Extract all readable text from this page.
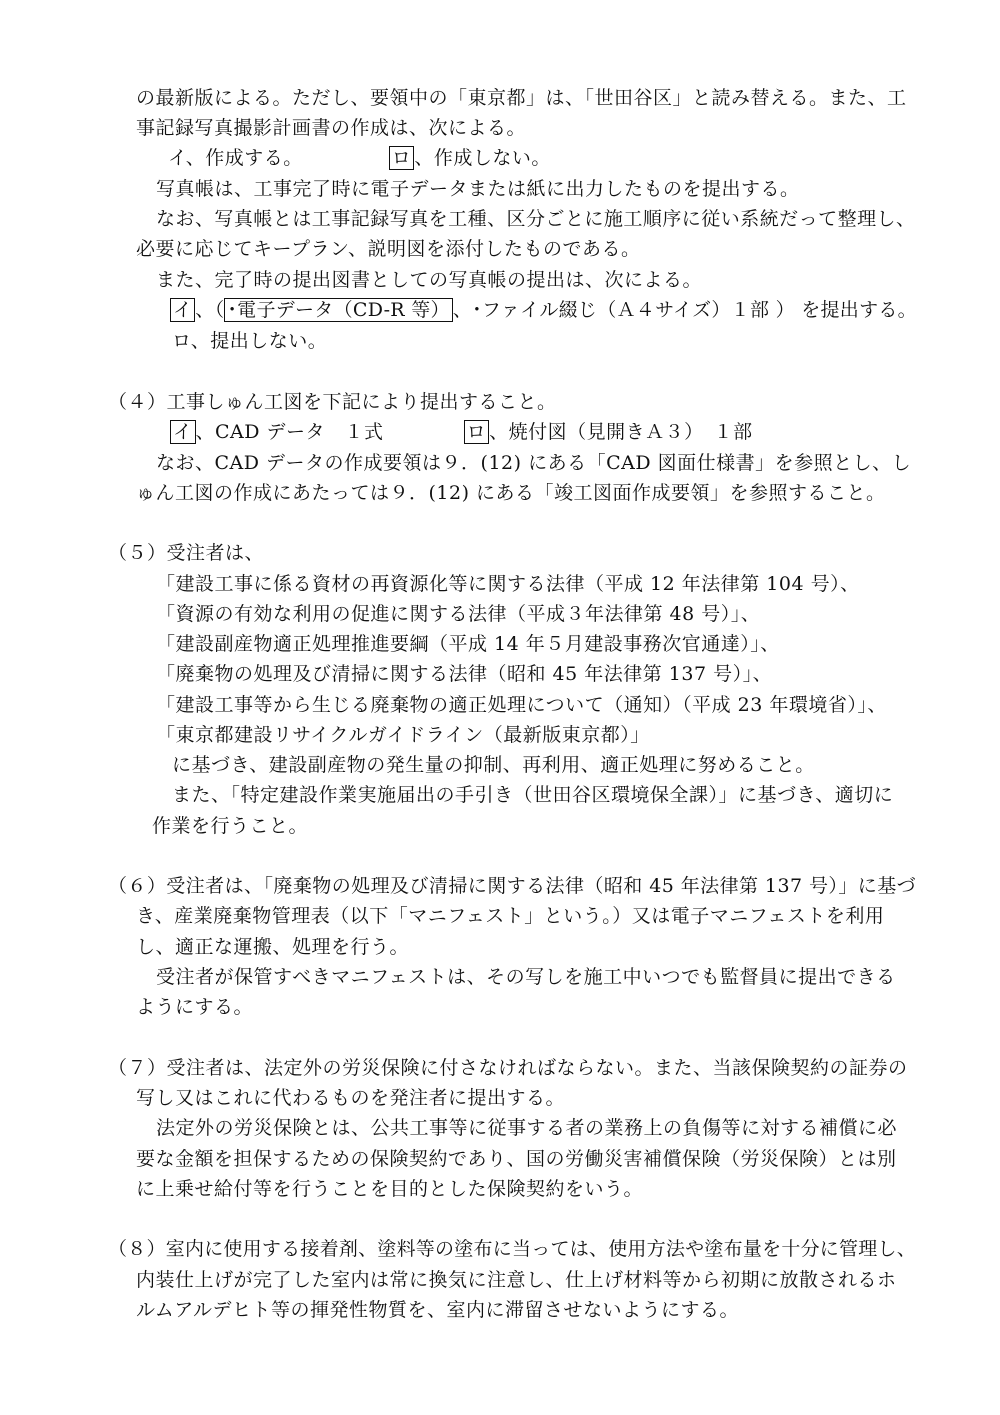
の最新版による。ただし、要領中の「東京都」は、「世田谷区」と読み替える。また、工
事記録写真撮影計画書の作成は、次による。
イ、作成する。	ロ 、作成しない。
写真帳は、工事完了時に電子データまたは紙に出力したものを提出する。
なお、写真帳とは工事記録写真を工種、区分ごとに施工順序に従い系統だって整理し、
必要に応じてキープラン、説明図を添付したものである。
また、完了時の提出図書としての写真帳の提出は、次による。
イ 、（ ･電子データ（CD-R 等） 、･ファイル綴じ（Ａ４サイズ）１部 ） を提出する。
ロ、提出しない。
（４）工事しゅん工図を下記により提出すること。
イ 、CAD データ　１式	ロ 、焼付図（見開きＡ３）　１部
なお、CAD データの作成要領は９．(12) にある「CAD 図面仕様書」を参照とし、し
ゅん工図の作成にあたっては９．(12) にある「竣工図面作成要領」を参照すること。
（５）受注者は、
「建設工事に係る資材の再資源化等に関する法律（平成 12 年法律第 104 号）、
「資源の有効な利用の促進に関する法律（平成３年法律第 48 号）」、
「建設副産物適正処理推進要綱（平成 14 年５月建設事務次官通達）」、
「廃棄物の処理及び清掃に関する法律（昭和 45 年法律第 137 号）」、
「建設工事等から生じる廃棄物の適正処理について（通知）（平成 23 年環境省）」、
「東京都建設リサイクルガイドライン（最新版東京都）」
に基づき、建設副産物の発生量の抑制、再利用、適正処理に努めること。
また、「特定建設作業実施届出の手引き（世田谷区環境保全課）」に基づき、適切に
作業を行うこと。
（６）受注者は、「廃棄物の処理及び清掃に関する法律（昭和 45 年法律第 137 号）」に基づ
き、産業廃棄物管理表（以下「マニフェスト」という。）又は電子マニフェストを利用
し、適正な運搬、処理を行う。
受注者が保管すべきマニフェストは、その写しを施工中いつでも監督員に提出できる
ようにする。
（７）受注者は、法定外の労災保険に付さなければならない。また、当該保険契約の証券の
写し又はこれに代わるものを発注者に提出する。
法定外の労災保険とは、公共工事等に従事する者の業務上の負傷等に対する補償に必
要な金額を担保するための保険契約であり、国の労働災害補償保険（労災保険）とは別
に上乗せ給付等を行うことを目的とした保険契約をいう。
（８）室内に使用する接着剤、塗料等の塗布に当っては、使用方法や塗布量を十分に管理し、
内装仕上げが完了した室内は常に換気に注意し、仕上げ材料等から初期に放散されるホ
ルムアルデヒト等の揮発性物質を、室内に滞留させないようにする。
